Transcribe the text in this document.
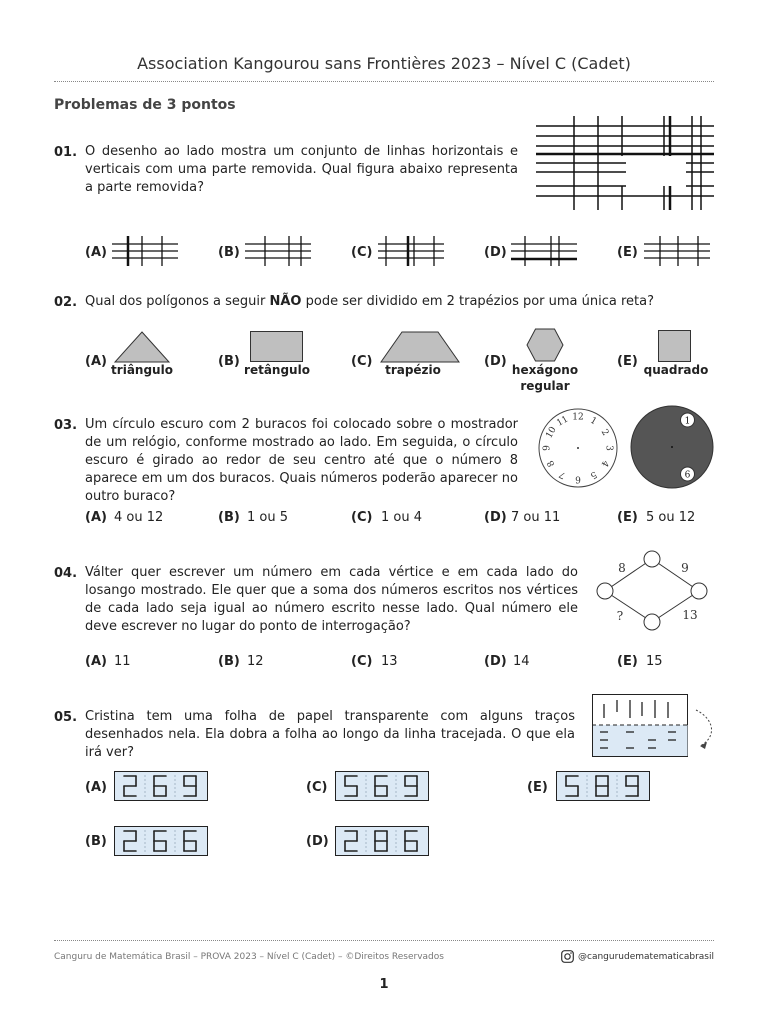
Association Kangourou sans Frontières 2023 – Nível C (Cadet)
Problemas de 3 pontos
01. O desenho ao lado mostra um conjunto de linhas horizontais e verticais com uma parte removida. Qual figura abaixo representa a parte removida?
(A)	(B)	(C)	(D)	(E)
02. Qual dos polígonos a seguir NÃO pode ser dividido em 2 trapézios por uma única reta?
(A)	(B)	(C)	(D)	(E)
triângulo	retângulo	trapézio	hexágono regular
quadrado
03. Um círculo escuro com 2 buracos foi colocado sobre o mostrador de um relógio, conforme mostrado ao lado. Em seguida, o círculo escuro é girado ao redor de seu centro até que o número 8 aparece em um dos buracos. Quais números poderão aparecer no outro buraco?
12 1
2
3
4
5
6
7
8
9
10
11	1
6
(A) 4 ou 12	(B) 1 ou 5	(C) 1 ou 4	(D) 7 ou 11	(E) 5 ou 12
04. Válter quer escrever um número em cada vértice e em cada lado do losango mostrado. Ele quer que a soma dos números escritos nos vértices de cada lado seja igual ao número escrito nesse lado. Qual número ele deve escrever no lugar do ponto de interrogação?
8	9
?	13
(A) 11	(B) 12	(C) 13	(D) 14	(E) 15
05. Cristina tem uma folha de papel transparente com alguns traços desenhados nela. Ela dobra a folha ao longo da linha tracejada. O que ela irá ver?
(A)
(B)
(C)
(D)
(E)
Canguru de Matemática Brasil – PROVA 2023 – Nível C (Cadet) – ©Direitos Reservados	@cangurudematematicabrasil
1
